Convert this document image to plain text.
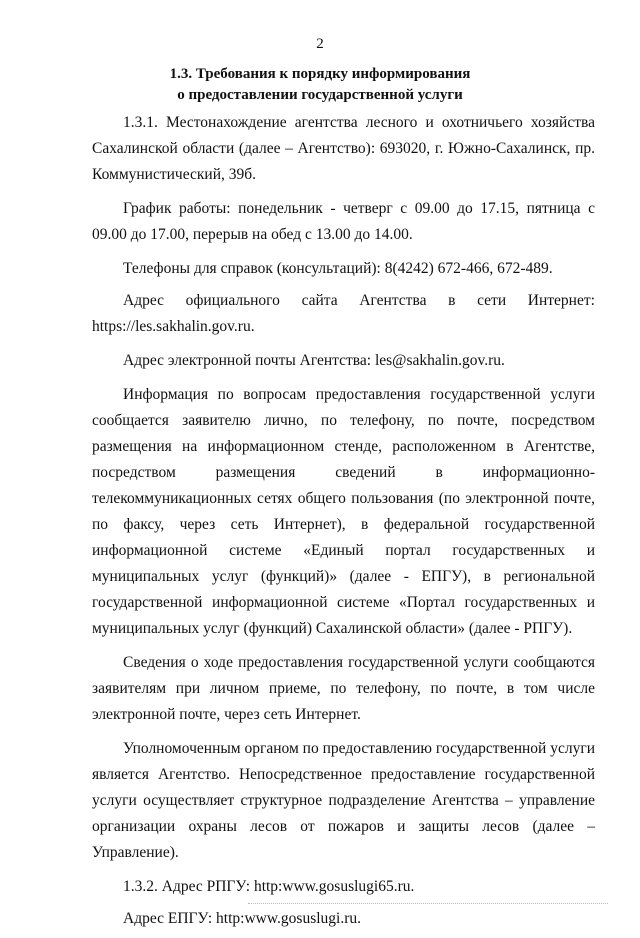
2
1.3. Требования к порядку информирования
о предоставлении государственной услуги

1.3.1. Местонахождение агентства лесного и охотничьего хозяйства Сахалинской области (далее – Агентство): 693020, г. Южно-Сахалинск, пр. Коммунистический, 39б.

График работы: понедельник - четверг с 09.00 до 17.15, пятница с 09.00 до 17.00, перерыв на обед с 13.00 до 14.00.

Телефоны для справок (консультаций): 8(4242) 672-466, 672-489.

Адрес официального сайта Агентства в сети Интернет:
https://les.sakhalin.gov.ru.

Адрес электронной почты Агентства: les@sakhalin.gov.ru.

Информация по вопросам предоставления государственной услуги сообщается заявителю лично, по телефону, по почте, посредством размещения на информационном стенде, расположенном в Агентстве, посредством размещения сведений в информационно-телекоммуникационных сетях общего пользования (по электронной почте, по факсу, через сеть Интернет), в федеральной государственной информационной системе «Единый портал государственных и муниципальных услуг (функций)» (далее - ЕПГУ), в региональной государственной информационной системе «Портал государственных и муниципальных услуг (функций) Сахалинской области» (далее - РПГУ).

Сведения о ходе предоставления государственной услуги сообщаются заявителям при личном приеме, по телефону, по почте, в том числе электронной почте, через сеть Интернет.

Уполномоченным органом по предоставлению государственной услуги является Агентство. Непосредственное предоставление государственной услуги осуществляет структурное подразделение Агентства – управление организации охраны лесов от пожаров и защиты лесов (далее – Управление).

1.3.2. Адрес РПГУ: http:www.gosuslugi65.ru.

Адрес ЕПГУ: http:www.gosuslugi.ru.
